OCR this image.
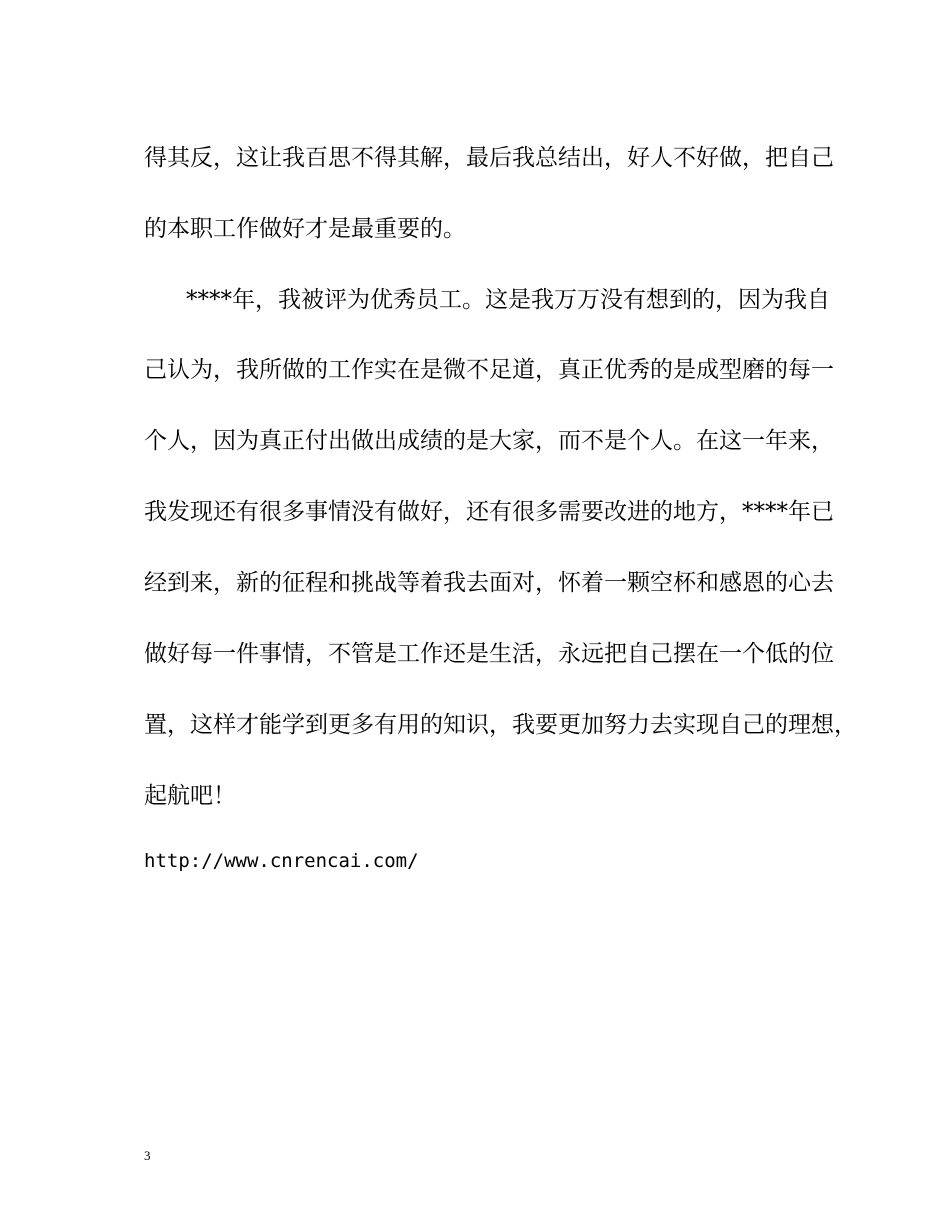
得其反，这让我百思不得其解，最后我总结出，好人不好做，把自己
的本职工作做好才是最重要的。
****年，我被评为优秀员工。这是我万万没有想到的，因为我自
己认为，我所做的工作实在是微不足道，真正优秀的是成型磨的每一
个人，因为真正付出做出成绩的是大家，而不是个人。在这一年来，
我发现还有很多事情没有做好，还有很多需要改进的地方，****年已
经到来，新的征程和挑战等着我去面对，怀着一颗空杯和感恩的心去
做好每一件事情，不管是工作还是生活，永远把自己摆在一个低的位
置，这样才能学到更多有用的知识，我要更加努力去实现自己的理想，
起航吧！
http://www.cnrencai.com/
3
